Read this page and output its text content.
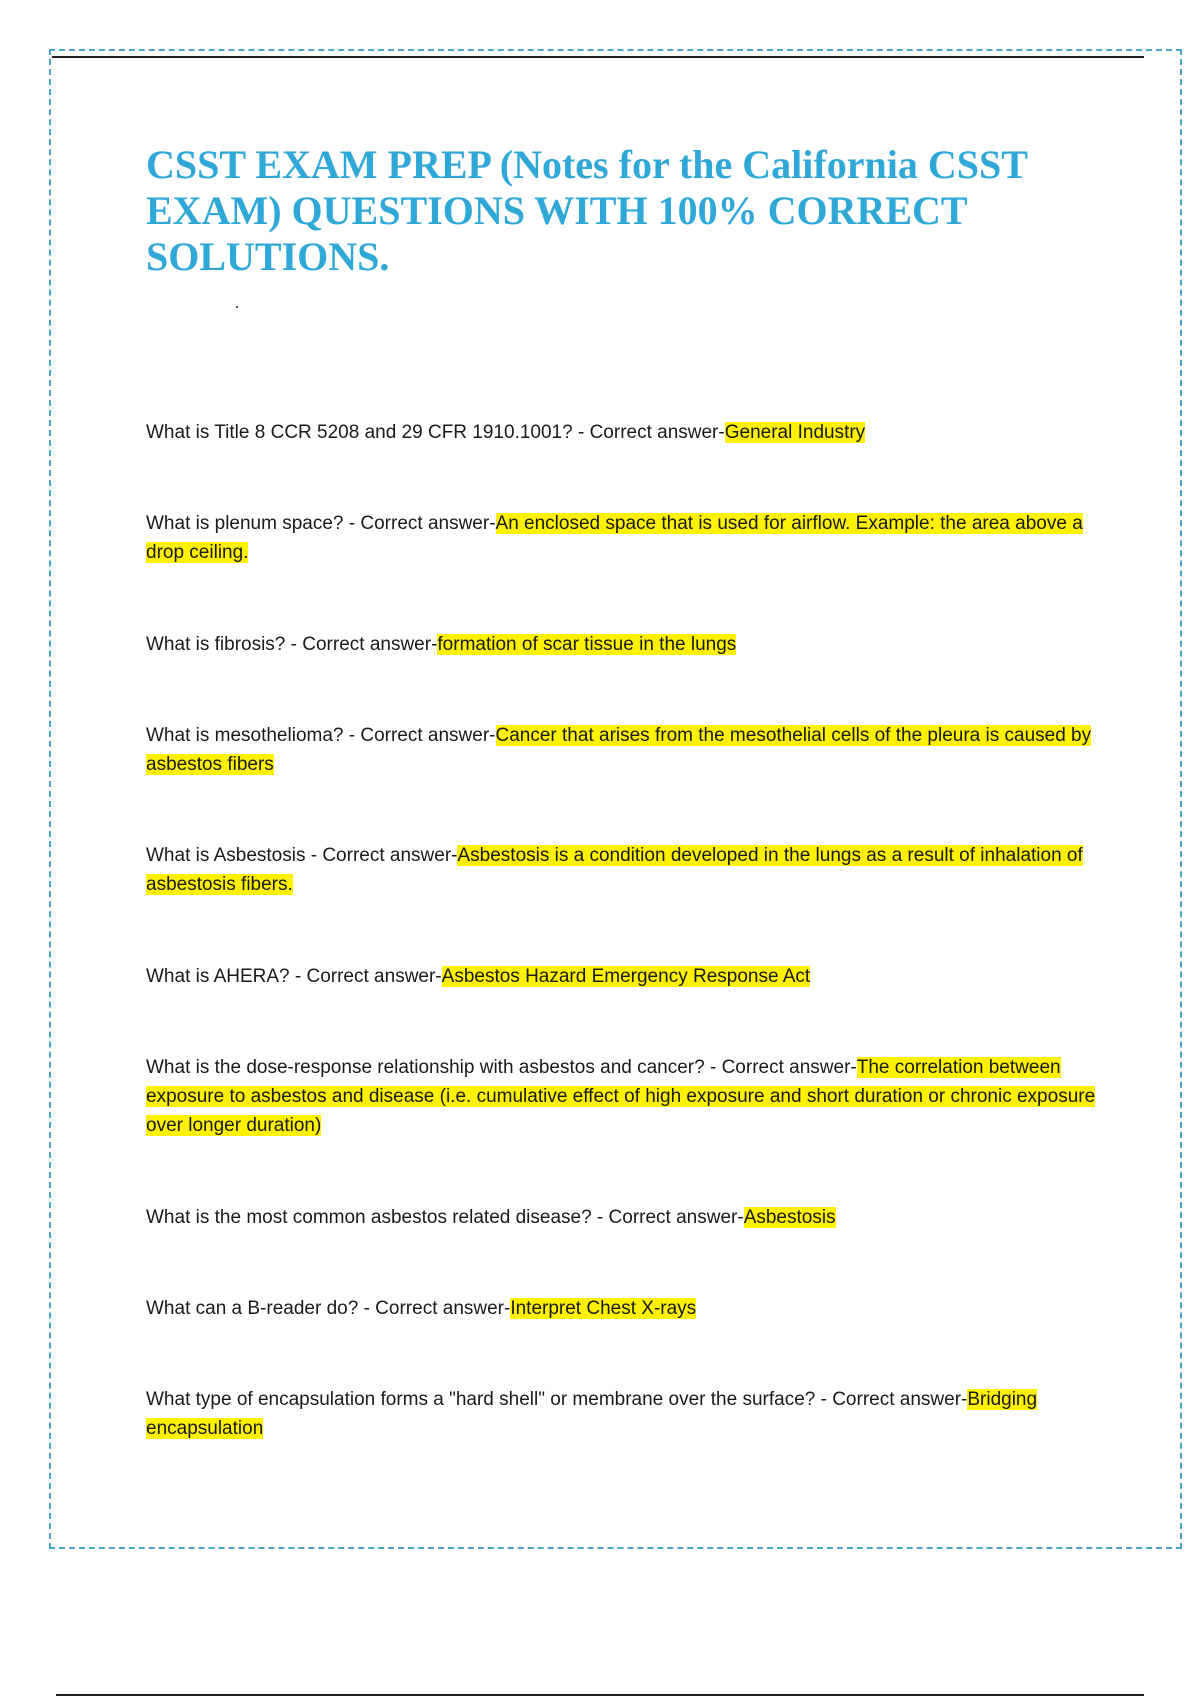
CSST EXAM PREP (Notes for the California CSST EXAM) QUESTIONS WITH 100% CORRECT SOLUTIONS.

What is Title 8 CCR 5208 and 29 CFR 1910.1001? - Correct answer-General Industry

What is plenum space? - Correct answer-An enclosed space that is used for airflow. Example: the area above a drop ceiling.

What is fibrosis? - Correct answer-formation of scar tissue in the lungs

What is mesothelioma? - Correct answer-Cancer that arises from the mesothelial cells of the pleura is caused by asbestos fibers

What is Asbestosis - Correct answer-Asbestosis is a condition developed in the lungs as a result of inhalation of asbestosis fibers.

What is AHERA? - Correct answer-Asbestos Hazard Emergency Response Act

What is the dose-response relationship with asbestos and cancer? - Correct answer-The correlation between exposure to asbestos and disease (i.e. cumulative effect of high exposure and short duration or chronic exposure over longer duration)

What is the most common asbestos related disease? - Correct answer-Asbestosis

What can a B-reader do? - Correct answer-Interpret Chest X-rays

What type of encapsulation forms a "hard shell" or membrane over the surface? - Correct answer-Bridging encapsulation
